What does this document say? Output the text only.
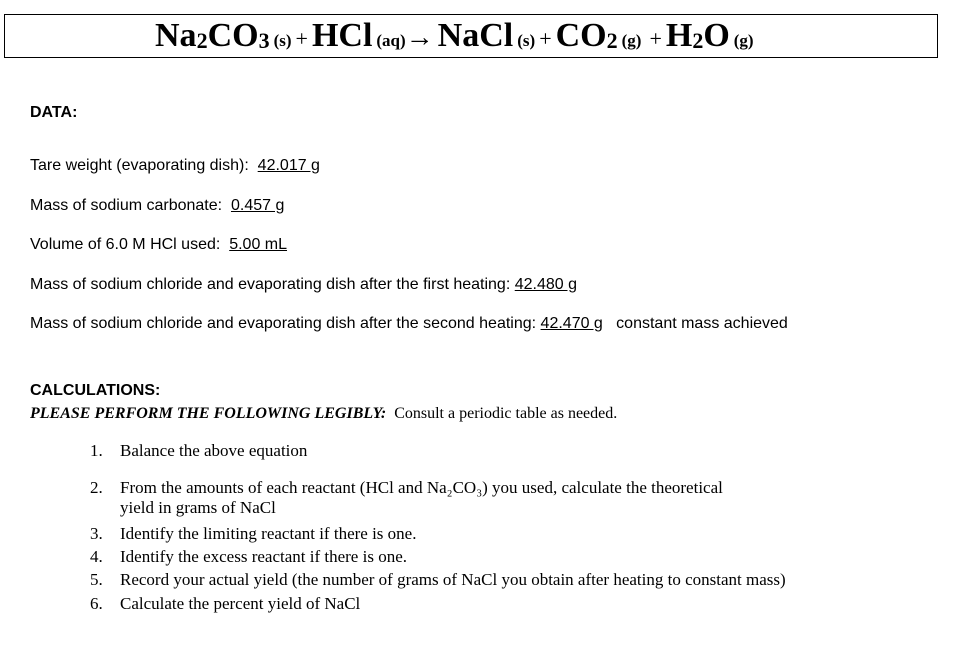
$Na_2CO_3$ (s) + HCl (aq)→ NaCl $(s) + CO_2$ $(g) + H_2O$ (g)
DATA:
Tare weight (evaporating dish): 42.017 g
Mass of sodium carbonate: 0.457 g
Volume of 6.0 M HCl used: 5.00 mL
Mass of sodium chloride and evaporating dish after the first heating: 42.480 g
Mass of sodium chloride and evaporating dish after the second heating: 42.470 g constant mass achieved
CALCULATIONS:
PLEASE PERFORM THE FOLLOWING LEGIBLY: Consult a periodic table as needed.
1. Balance the above equation
2. From the amounts of each reactant (HCl and Na₂CO₃) you used, calculate the theoretical
yield in grams of NaCl
3. Identify the limiting reactant if there is one.
4. Identify the excess reactant if there is one.
5. Record your actual yield (the number of grams of NaCl you obtain after heating to constant mass)
6. Calculate the percent yield of NaCl
